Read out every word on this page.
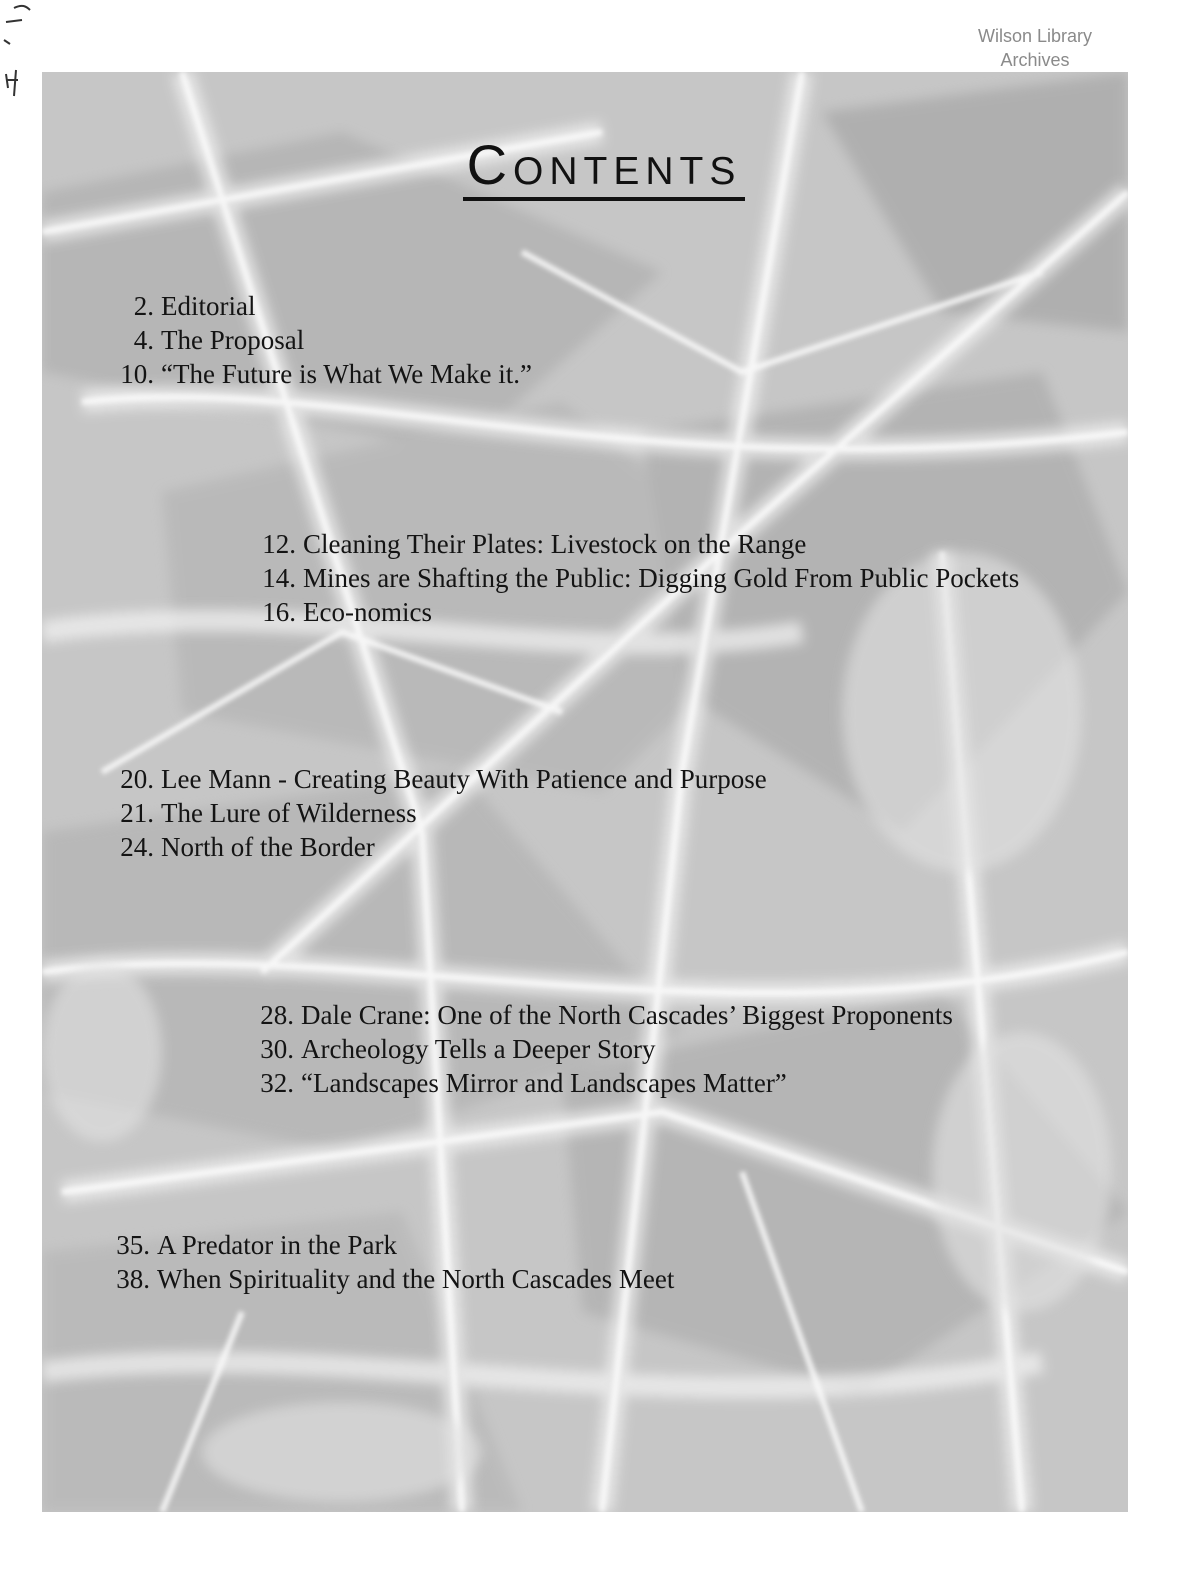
Wilson Library
Archives
Contents
2. Editorial
4. The Proposal
10. “The Future is What We Make it.”
12. Cleaning Their Plates: Livestock on the Range
14. Mines are Shafting the Public: Digging Gold From Public Pockets
16. Eco-nomics
20. Lee Mann - Creating Beauty With Patience and Purpose
21. The Lure of Wilderness
24. North of the Border
28. Dale Crane: One of the North Cascades’ Biggest Proponents
30. Archeology Tells a Deeper Story
32. “Landscapes Mirror and Landscapes Matter”
35. A Predator in the Park
38. When Spirituality and the North Cascades Meet
